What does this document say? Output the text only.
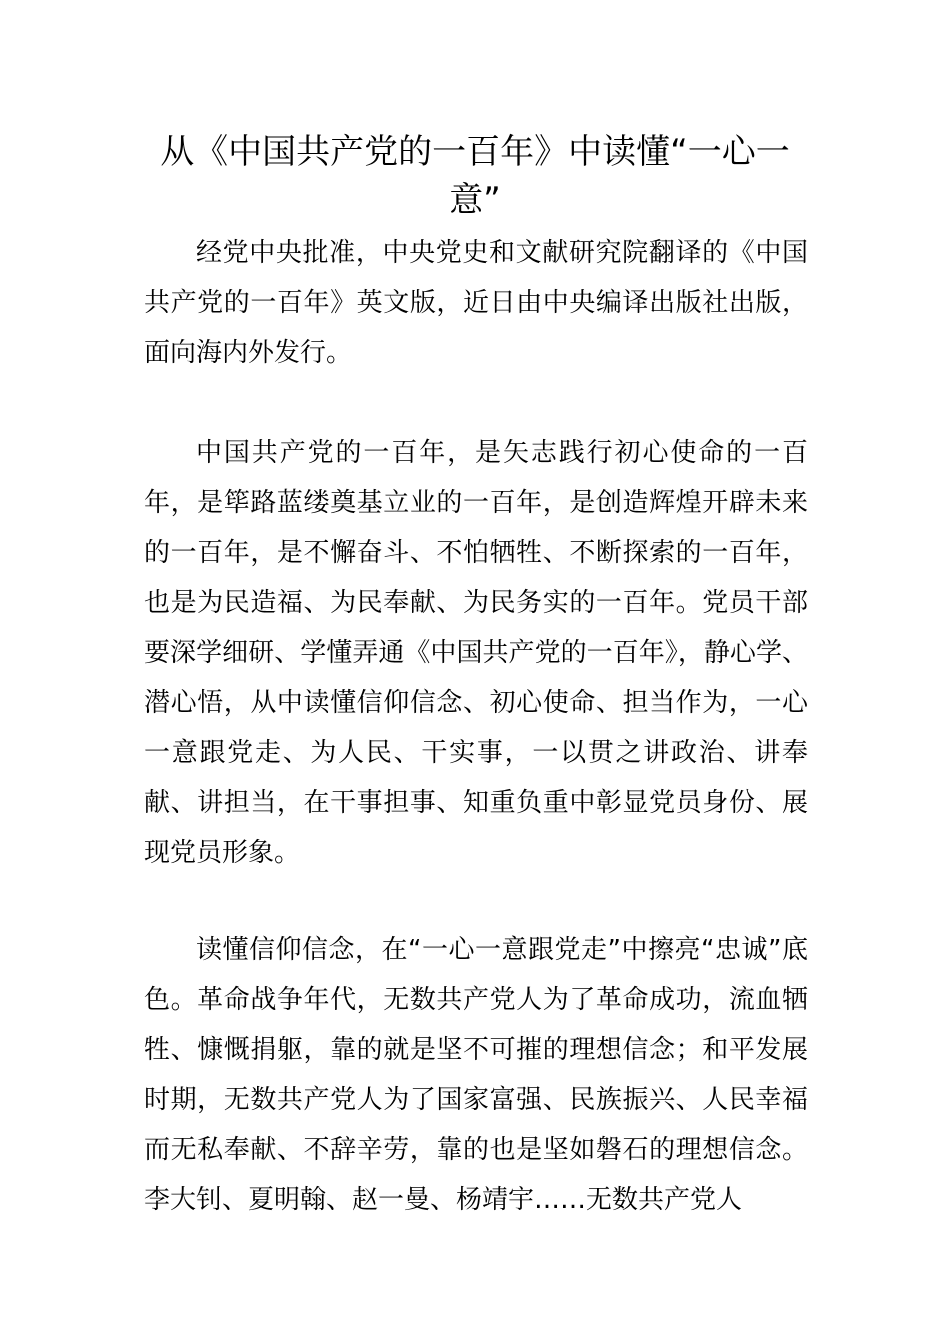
从《中国共产党的一百年》中读懂“一心一意”

经党中央批准，中央党史和文献研究院翻译的《中国共产党的一百年》英文版，近日由中央编译出版社出版，面向海内外发行。

中国共产党的一百年，是矢志践行初心使命的一百年，是筚路蓝缕奠基立业的一百年，是创造辉煌开辟未来的一百年，是不懈奋斗、不怕牺牲、不断探索的一百年，也是为民造福、为民奉献、为民务实的一百年。党员干部要深学细研、学懂弄通《中国共产党的一百年》，静心学、潜心悟，从中读懂信仰信念、初心使命、担当作为，一心一意跟党走、为人民、干实事，一以贯之讲政治、讲奉献、讲担当，在干事担事、知重负重中彰显党员身份、展现党员形象。

读懂信仰信念，在“一心一意跟党走”中擦亮“忠诚”底色。革命战争年代，无数共产党人为了革命成功，流血牺牲、慷慨捐躯，靠的就是坚不可摧的理想信念；和平发展时期，无数共产党人为了国家富强、民族振兴、人民幸福而无私奉献、不辞辛劳，靠的也是坚如磐石的理想信念。李大钊、夏明翰、赵一曼、杨靖宇……无数共产党人
